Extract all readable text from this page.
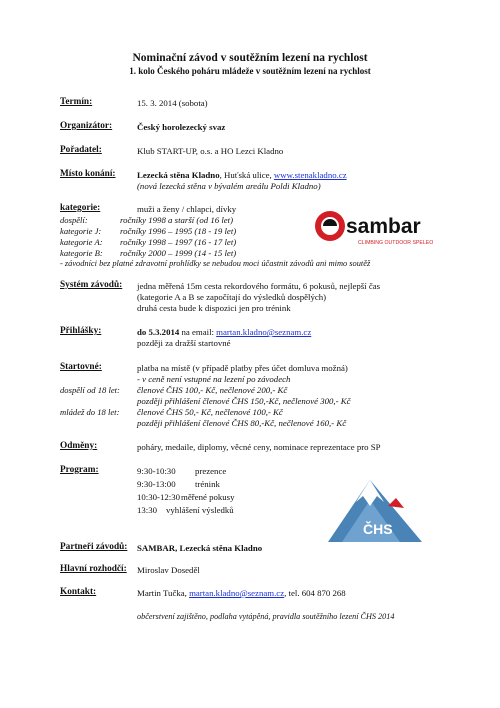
Nominační závod v soutěžním lezení na rychlost
1. kolo Českého poháru mládeže v soutěžním lezení na rychlost
Termín:	15. 3. 2014 (sobota)
Organizátor:	Český horolezecký svaz
Pořadatel:	Klub START-UP, o.s. a HO Lezci Kladno
Místo konání: Lezecká stěna Kladno, Huťská ulice, www.stenakladno.cz
(nová lezecká stěna v bývalém areálu Poldi Kladno)
kategorie:	muži a ženy / chlapci, dívky
dospělí:	ročníky 1998 a starší (od 16 let)
kategorie J: ročníky 1996 – 1995 (18 - 19 let)
kategorie A: ročníky 1998 – 1997 (16 - 17 let)
kategorie B: ročníky 2000 – 1999 (14 - 15 let)
- závodníci bez platné zdravotní prohlídky se nebudou moci účastnit závodů ani mimo soutěž
sambar
CLIMBING OUTDOOR SPELEO
Systém závodů: jedna měřená 15m cesta rekordového formátu, 6 pokusů, nejlepší čas
(kategorie A a B se započítají do výsledků dospělých)
druhá cesta bude k dispozici jen pro trénink
Přihlášky:	do 5.3.2014 na email: martan.kladno@seznam.cz
později za dražší startovné
Startovné:	platba na místě (v případě platby přes účet domluva možná)
- v ceně není vstupné na lezení po závodech
dospělí od 18 let: členové ČHS 100,- Kč, nečlenové 200,- Kč
později přihlášení členové ČHS 150,-Kč, nečlenové 300,- Kč
mládež do 18 let: členové ČHS 50,- Kč, nečlenové 100,- Kč
později přihlášení členové ČHS 80,-Kč, nečlenové 160,- Kč
Odměny:	poháry, medaile, diplomy, věcné ceny, nominace reprezentace pro SP
Program:	9:30-10:30 prezence
9:30-13:00 trénink
10:30-12:30 měřené pokusy
13:30 vyhlášení výsledků
ČHS
Partneři závodů: SAMBAR, Lezecká stěna Kladno
Hlavní rozhodčí: Miroslav Doseděl
Kontakt:	Martin Tučka, martan.kladno@seznam.cz, tel. 604 870 268
občerstvení zajištěno, podlaha vytápěná, pravidla soutěžního lezení ČHS 2014
